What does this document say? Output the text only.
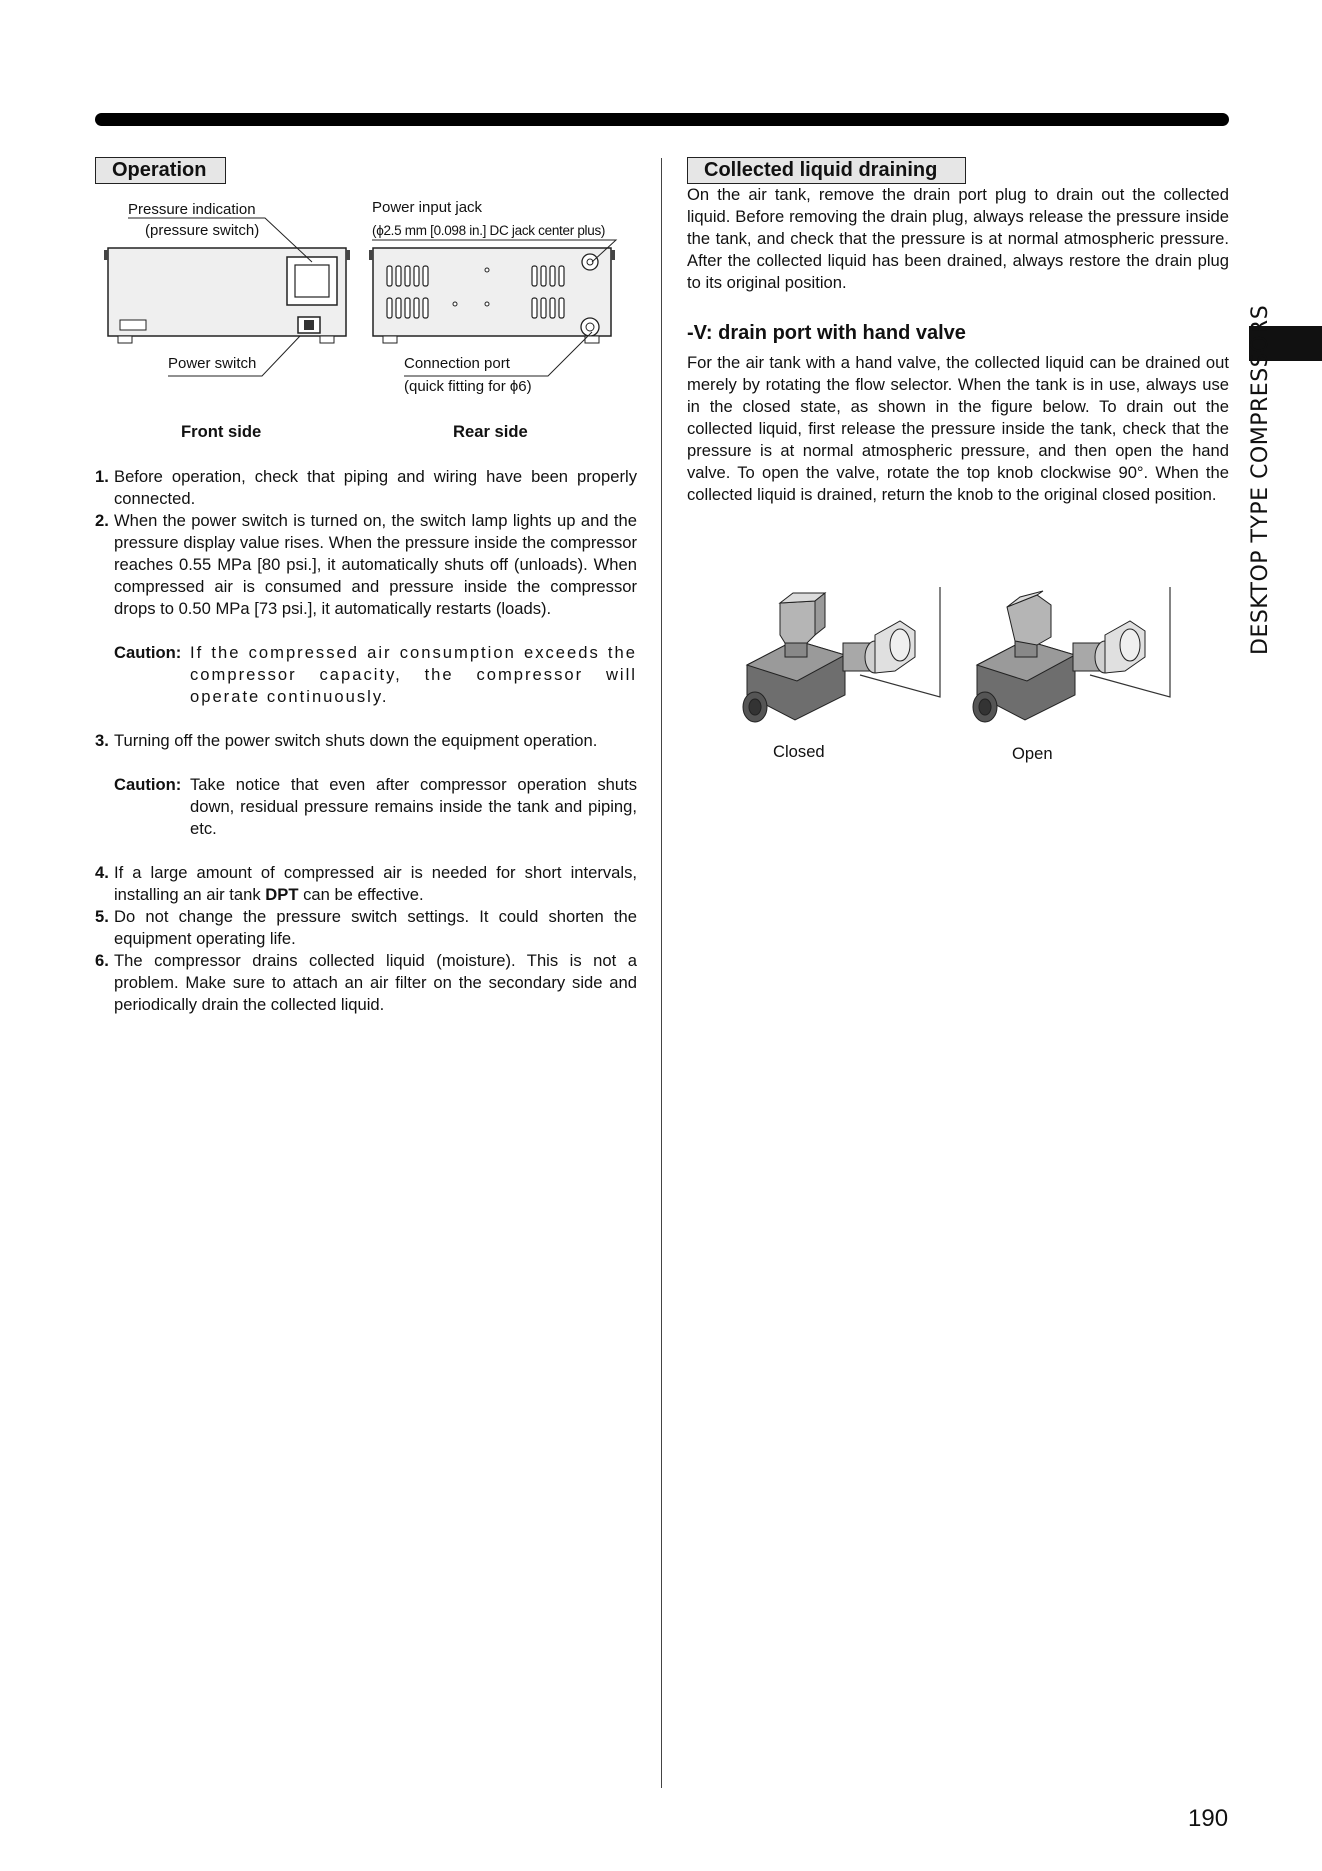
Operation
Pressure indication
(pressure switch)
Power switch
Power input jack
(ϕ2.5 mm [0.098 in.] DC jack center plus)
Connection port
(quick fitting for ϕ6)
Front side	Rear side
1. Before operation, check that piping and wiring have been properly connected.
2. When the power switch is turned on, the switch lamp lights up and the pressure display value rises. When the pressure inside the compressor reaches 0.55 MPa [80 psi.], it automatically shuts off (unloads). When compressed air is consumed and pressure inside the compressor drops to 0.50 MPa [73 psi.], it automatically restarts (loads).
Caution: If the compressed air consumption exceeds the compressor capacity, the compressor will operate continuously.
3. Turning off the power switch shuts down the equipment operation.
Caution: Take notice that even after compressor operation shuts down, residual pressure remains inside the tank and piping, etc.
4. If a large amount of compressed air is needed for short intervals, installing an air tank DPT can be effective.
5. Do not change the pressure switch settings. It could shorten the equipment operating life.
6. The compressor drains collected liquid (moisture). This is not a problem. Make sure to attach an air filter on the secondary side and periodically drain the collected liquid.
Collected liquid draining
On the air tank, remove the drain port plug to drain out the collected liquid. Before removing the drain plug, always release the pressure inside the tank, and check that the pressure is at normal atmospheric pressure. After the collected liquid has been drained, always restore the drain plug to its original position.
-V: drain port with hand valve
For the air tank with a hand valve, the collected liquid can be drained out merely by rotating the flow selector. When the tank is in use, always use in the closed state, as shown in the figure below. To drain out the collected liquid, first release the pressure inside the tank, check that the pressure is at normal atmospheric pressure, and then open the hand valve. To open the valve, rotate the top knob clockwise 90°. When the collected liquid is drained, return the knob to the original closed position.
Closed	Open
DESKTOP TYPE COMPRESSORS
190
